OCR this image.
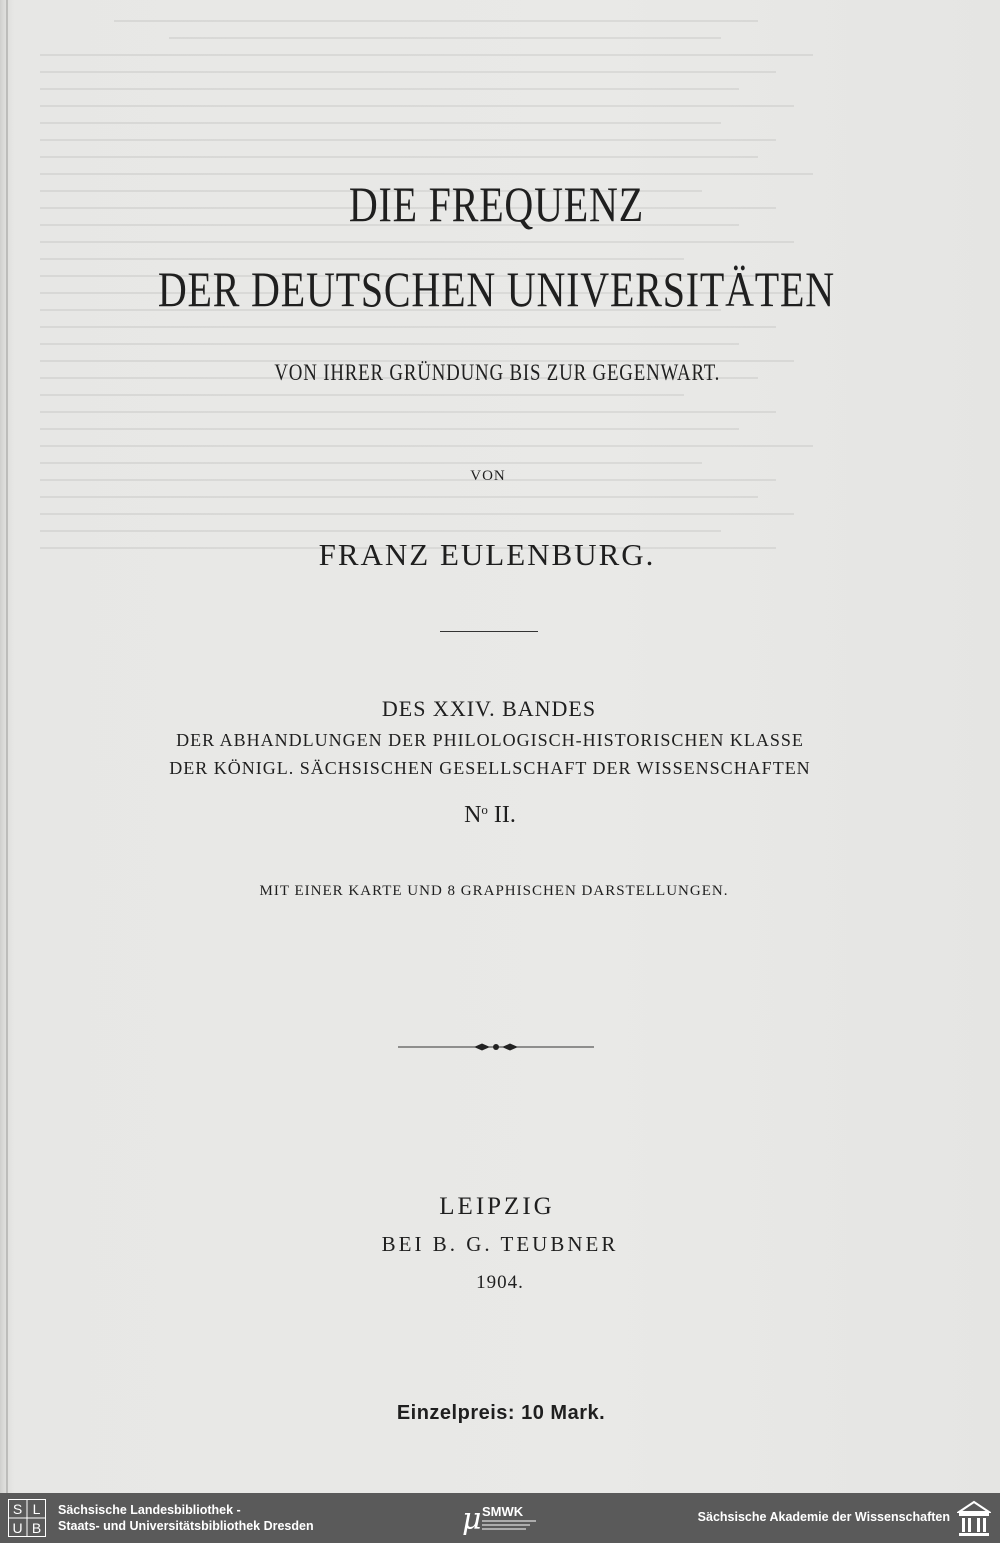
DIE FREQUENZ
DER DEUTSCHEN UNIVERSITÄTEN
VON IHRER GRÜNDUNG BIS ZUR GEGENWART.
VON
FRANZ EULENBURG.
DES XXIV. BANDES
DER ABHANDLUNGEN DER PHILOLOGISCH-HISTORISCHEN KLASSE
DER KÖNIGL. SÄCHSISCHEN GESELLSCHAFT DER WISSENSCHAFTEN
$N^o$ II.
MIT EINER KARTE UND 8 GRAPHISCHEN DARSTELLUNGEN.
LEIPZIG
BEI B. G. TEUBNER
1904.
Einzelpreis: 10 Mark.
S L
U B
Sächsische Landesbibliothek -
Staats- und Universitätsbibliothek Dresden	μ SMWK	Sächsische Akademie der Wissenschaften
